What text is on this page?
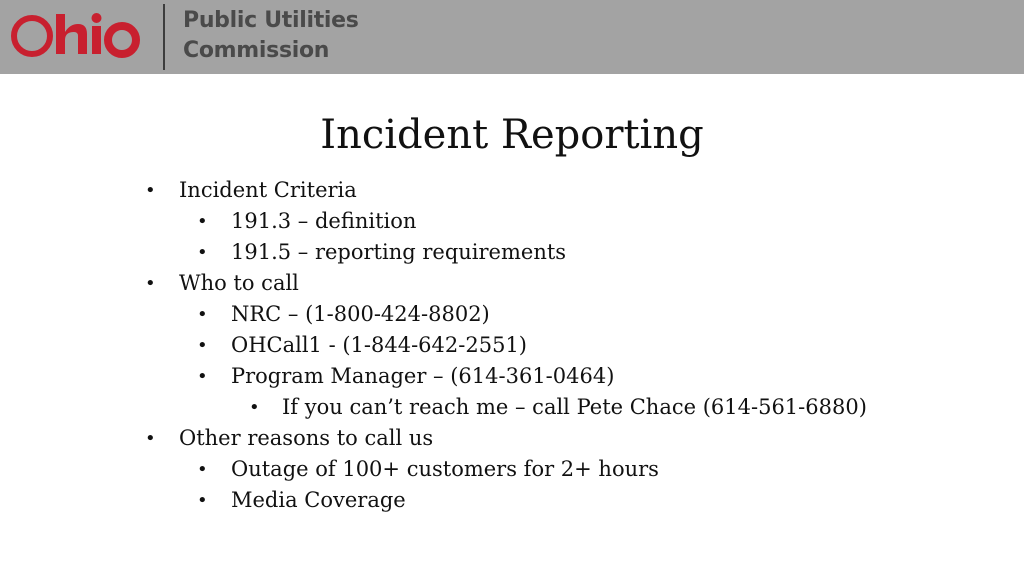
Public Utilities
Commission
Incident Reporting
• Incident Criteria
• 191.3 – definition
• 191.5 – reporting requirements
• Who to call
• NRC – (1-800-424-8802)
• OHCall1 - (1-844-642-2551)
• Program Manager – (614-361-0464)
• If you can’t reach me – call Pete Chace (614-561-6880)
• Other reasons to call us
• Outage of 100+ customers for 2+ hours
• Media Coverage
